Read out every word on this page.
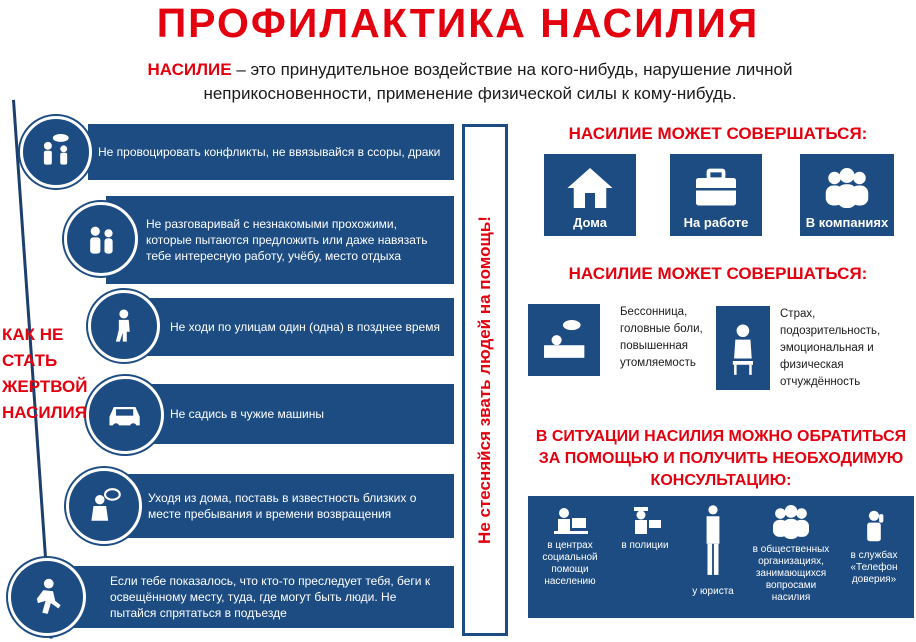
ПРОФИЛАКТИКА НАСИЛИЯ
НАСИЛИЕ – это принудительное воздействие на кого-нибудь, нарушение личной неприкосновенности, применение физической силы к кому-нибудь.
Не провоцировать конфликты, не ввязывайся в ссоры, драки
Не разговаривай с незнакомыми прохожими, которые пытаются предложить или даже навязать тебе интересную работу, учёбу, место отдыха
Не ходи по улицам один (одна) в позднее время
Не садись в чужие машины
Уходя из дома, поставь в известность близких о месте пребывания и времени возвращения
Если тебе показалось, что кто-то преследует тебя, беги к освещённому месту, туда, где могут быть люди. Не пытайся спрятаться в подъезде
КАК НЕ СТАТЬ ЖЕРТВОЙ НАСИЛИЯ	Не стесняйся звать людей на помощь!
НАСИЛИЕ МОЖЕТ СОВЕРШАТЬСЯ:
Дома	На работе	В компаниях
НАСИЛИЕ МОЖЕТ СОВЕРШАТЬСЯ:
Бессонница, головные боли, повышенная утомляемость
Страх, подозрительность, эмоциональная и физическая отчуждённость
В СИТУАЦИИ НАСИЛИЯ МОЖНО ОБРАТИТЬСЯ ЗА ПОМОЩЬЮ И ПОЛУЧИТЬ НЕОБХОДИМУЮ КОНСУЛЬТАЦИЮ:
в центрах социальной помощи населению
в полиции
у юриста
в общественных организациях, занимающихся вопросами насилия
в службах «Телефон доверия»
